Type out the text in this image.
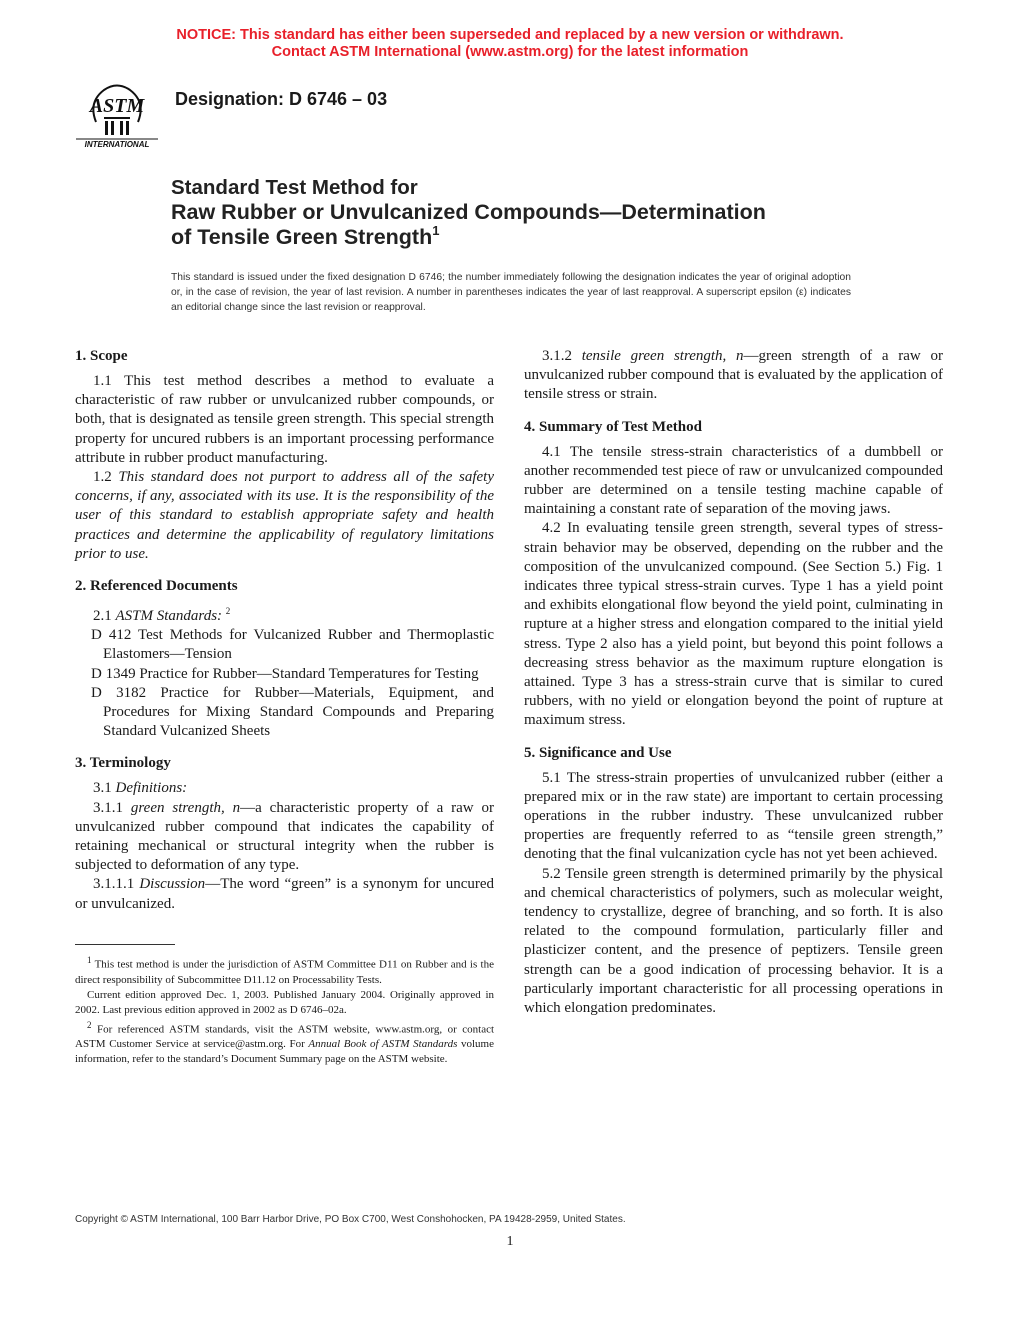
NOTICE: This standard has either been superseded and replaced by a new version or withdrawn.
Contact ASTM International (www.astm.org) for the latest information
ASTM
INTERNATIONAL
Designation: D 6746 – 03
Standard Test Method for
Raw Rubber or Unvulcanized Compounds—Determination
of Tensile Green Strength$^1$
This standard is issued under the fixed designation D 6746; the number immediately following the designation indicates the year of original adoption or, in the case of revision, the year of last revision. A number in parentheses indicates the year of last reapproval. A superscript epsilon (ε) indicates an editorial change since the last revision or reapproval.
1. Scope

1.1 This test method describes a method to evaluate a characteristic of raw rubber or unvulcanized rubber compounds, or both, that is designated as tensile green strength. This special strength property for uncured rubbers is an important processing performance attribute in rubber product manufacturing.

1.2 This standard does not purport to address all of the safety concerns, if any, associated with its use. It is the responsibility of the user of this standard to establish appropriate safety and health practices and determine the applicability of regulatory limitations prior to use.

2. Referenced Documents

2.1 ASTM Standards: $^2$

D 412 Test Methods for Vulcanized Rubber and Thermoplastic Elastomers—Tension

D 1349 Practice for Rubber—Standard Temperatures for Testing

D 3182 Practice for Rubber—Materials, Equipment, and Procedures for Mixing Standard Compounds and Preparing Standard Vulcanized Sheets

3. Terminology

3.1 Definitions:

3.1.1 green strength, n—a characteristic property of a raw or unvulcanized rubber compound that indicates the capability of retaining mechanical or structural integrity when the rubber is subjected to deformation of any type.

3.1.1.1 Discussion—The word “green” is a synonym for uncured or unvulcanized.

$^1$ This test method is under the jurisdiction of ASTM Committee D11 on Rubber and is the direct responsibility of Subcommittee D11.12 on Processability Tests.

Current edition approved Dec. 1, 2003. Published January 2004. Originally approved in 2002. Last previous edition approved in 2002 as D 6746–02a.

$^2$ For referenced ASTM standards, visit the ASTM website, www.astm.org, or contact ASTM Customer Service at service@astm.org. For Annual Book of ASTM Standards volume information, refer to the standard’s Document Summary page on the ASTM website.

3.1.2 tensile green strength, n—green strength of a raw or unvulcanized rubber compound that is evaluated by the application of tensile stress or strain.

4. Summary of Test Method

4.1 The tensile stress-strain characteristics of a dumbbell or another recommended test piece of raw or unvulcanized compounded rubber are determined on a tensile testing machine capable of maintaining a constant rate of separation of the moving jaws.

4.2 In evaluating tensile green strength, several types of stress-strain behavior may be observed, depending on the rubber and the composition of the unvulcanized compound. (See Section 5.) Fig. 1 indicates three typical stress-strain curves. Type 1 has a yield point and exhibits elongational flow beyond the yield point, culminating in rupture at a higher stress and elongation compared to the initial yield stress. Type 2 also has a yield point, but beyond this point follows a decreasing stress behavior as the maximum rupture elongation is attained. Type 3 has a stress-strain curve that is similar to cured rubbers, with no yield or elongation beyond the point of rupture at maximum stress.

5. Significance and Use

5.1 The stress-strain properties of unvulcanized rubber (either a prepared mix or in the raw state) are important to certain processing operations in the rubber industry. These unvulcanized rubber properties are frequently referred to as “tensile green strength,” denoting that the final vulcanization cycle has not yet been achieved.

5.2 Tensile green strength is determined primarily by the physical and chemical characteristics of polymers, such as molecular weight, tendency to crystallize, degree of branching, and so forth. It is also related to the compound formulation, particularly filler and plasticizer content, and the presence of peptizers. Tensile green strength can be a good indication of processing behavior. It is a particularly important characteristic for all processing operations in which elongation predominates.

Copyright © ASTM International, 100 Barr Harbor Drive, PO Box C700, West Conshohocken, PA 19428-2959, United States.
1
